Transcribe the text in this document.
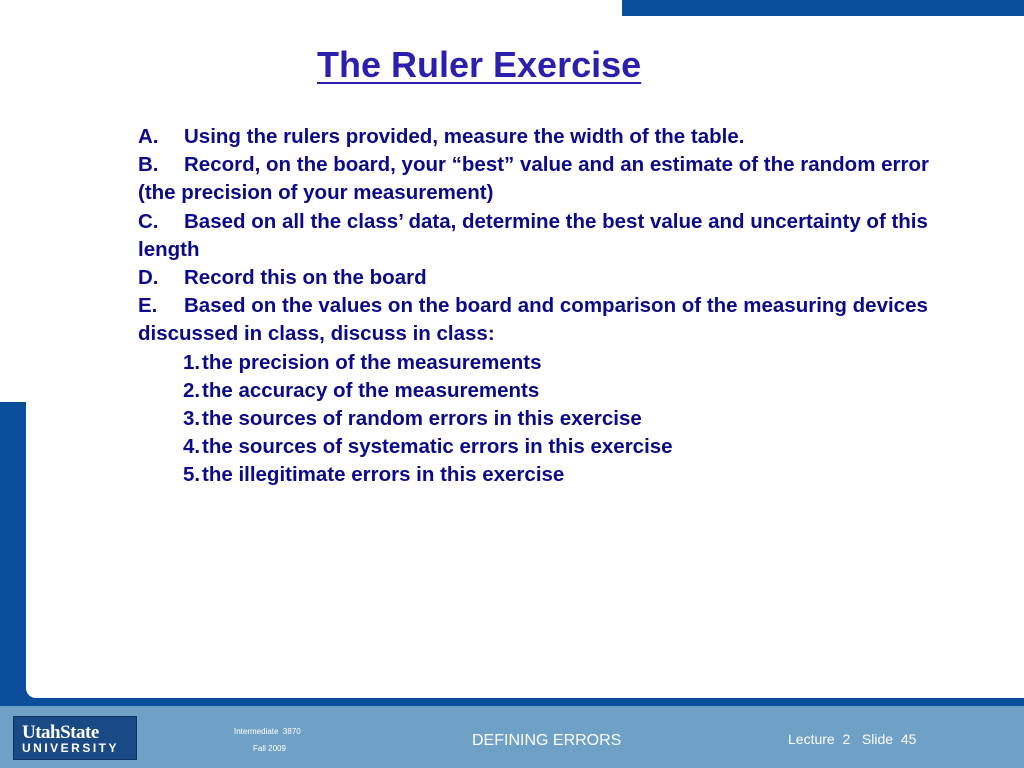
The Ruler Exercise
A. Using the rulers provided, measure the width of the table.
B. Record, on the board, your “best” value and an estimate of the random error (the precision of your measurement)
C. Based on all the class’ data, determine the best value and uncertainty of this length
D. Record this on the board
E. Based on the values on the board and comparison of the measuring devices discussed in class, discuss in class:
1.the precision of the measurements
2.the accuracy of the measurements
3.the sources of random errors in this exercise
4.the sources of systematic errors in this exercise
5.the illegitimate errors in this exercise
UtahState
UNIVERSITY
Intermediate  3870
Fall 2009	DEFINING ERRORS	Lecture  2   Slide  45
